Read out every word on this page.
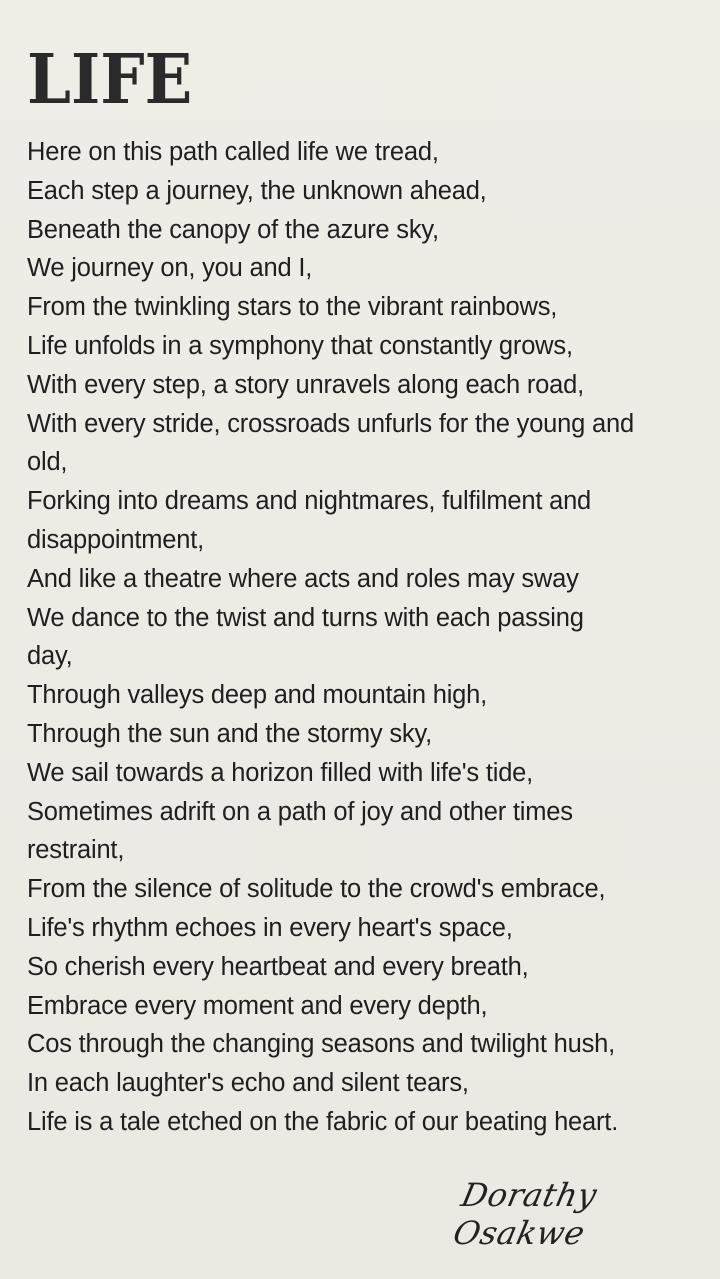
LIFE
Here on this path called life we tread,
Each step a journey, the unknown ahead,
Beneath the canopy of the azure sky,
We journey on, you and I,
From the twinkling stars to the vibrant rainbows,
Life unfolds in a symphony that constantly grows,
With every step, a story unravels along each road,
With every stride, crossroads unfurls for the young and
old,
Forking into dreams and nightmares, fulfilment and
disappointment,
And like a theatre where acts and roles may sway
We dance to the twist and turns with each passing
day,
Through valleys deep and mountain high,
Through the sun and the stormy sky,
We sail towards a horizon filled with life's tide,
Sometimes adrift on a path of joy and other times
restraint,
From the silence of solitude to the crowd's embrace,
Life's rhythm echoes in every heart's space,
So cherish every heartbeat and every breath,
Embrace every moment and every depth,
Cos through the changing seasons and twilight hush,
In each laughter's echo and silent tears,
Life is a tale etched on the fabric of our beating heart.
Dorathy Osakwe
